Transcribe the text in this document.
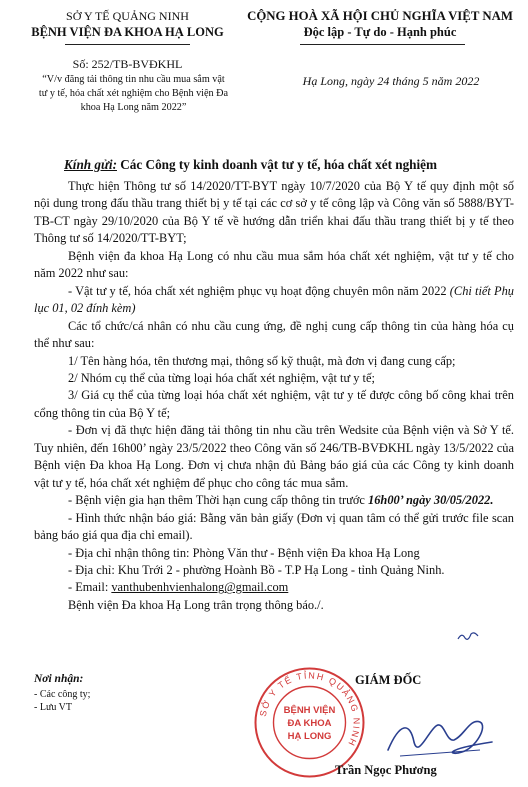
SỞ Y TẾ QUẢNG NINH
BỆNH VIỆN ĐA KHOA HẠ LONG
CỘNG HOÀ XÃ HỘI CHỦ NGHĨA VIỆT NAM
Độc lập - Tự do - Hạnh phúc
Số: 252/TB-BVĐKHL
“V/v đăng tải thông tin nhu cầu mua sắm vật
tư y tế, hóa chất xét nghiệm cho Bệnh viện Đa
khoa Hạ Long năm 2022”
Hạ Long, ngày 24 tháng 5 năm 2022
Kính gửi: Các Công ty kinh doanh vật tư y tế, hóa chất xét nghiệm

Thực hiện Thông tư số 14/2020/TT-BYT ngày 10/7/2020 của Bộ Y tế quy định một số nội dung trong đấu thầu trang thiết bị y tế tại các cơ sở y tế công lập và Công văn số 5888/BYT-TB-CT ngày 29/10/2020 của Bộ Y tế về hướng dẫn triển khai đấu thầu trang thiết bị y tế theo Thông tư số 14/2020/TT-BYT;

Bệnh viện đa khoa Hạ Long có nhu cầu mua sắm hóa chất xét nghiệm, vật tư y tế cho năm 2022 như sau:

- Vật tư y tế, hóa chất xét nghiệm phục vụ hoạt động chuyên môn năm 2022 (Chi tiết Phụ lục 01, 02 đính kèm)

Các tổ chức/cá nhân có nhu cầu cung ứng, đề nghị cung cấp thông tin của hàng hóa cụ thể như sau:

1/ Tên hàng hóa, tên thương mại, thông số kỹ thuật, mà đơn vị đang cung cấp;

2/ Nhóm cụ thể của từng loại hóa chất xét nghiệm, vật tư y tế;

3/ Giá cụ thể của từng loại hóa chất xét nghiệm, vật tư y tế được công bố công khai trên cổng thông tin của Bộ Y tế;

- Đơn vị đã thực hiện đăng tải thông tin nhu cầu trên Wedsite của Bệnh viện và Sở Y tế. Tuy nhiên, đến 16h00’ ngày 23/5/2022 theo Công văn số 246/TB-BVĐKHL ngày 13/5/2022 của Bệnh viện Đa khoa Hạ Long. Đơn vị chưa nhận đủ Bảng báo giá của các Công ty kinh doanh vật tư y tế, hóa chất xét nghiệm để phục cho công tác mua sắm.

- Bệnh viện gia hạn thêm Thời hạn cung cấp thông tin trước 16h00’ ngày 30/05/2022.

- Hình thức nhận báo giá: Bằng văn bản giấy (Đơn vị quan tâm có thể gửi trước file scan bảng báo giá qua địa chỉ email).

- Địa chỉ nhận thông tin: Phòng Văn thư - Bệnh viện Đa khoa Hạ Long

- Địa chỉ: Khu Trới 2 - phường Hoành Bồ - T.P Hạ Long - tỉnh Quảng Ninh.

- Email: vanthubenhvienhalong@gmail.com

Bệnh viện Đa khoa Hạ Long trân trọng thông báo./.

Nơi nhận:
- Các công ty;
- Lưu VT
GIÁM ĐỐC
SỞ Y TẾ TỈNH QUẢNG NINH
BỆNH VIỆN
ĐA KHOA
HẠ LONG
Trần Ngọc Phương
